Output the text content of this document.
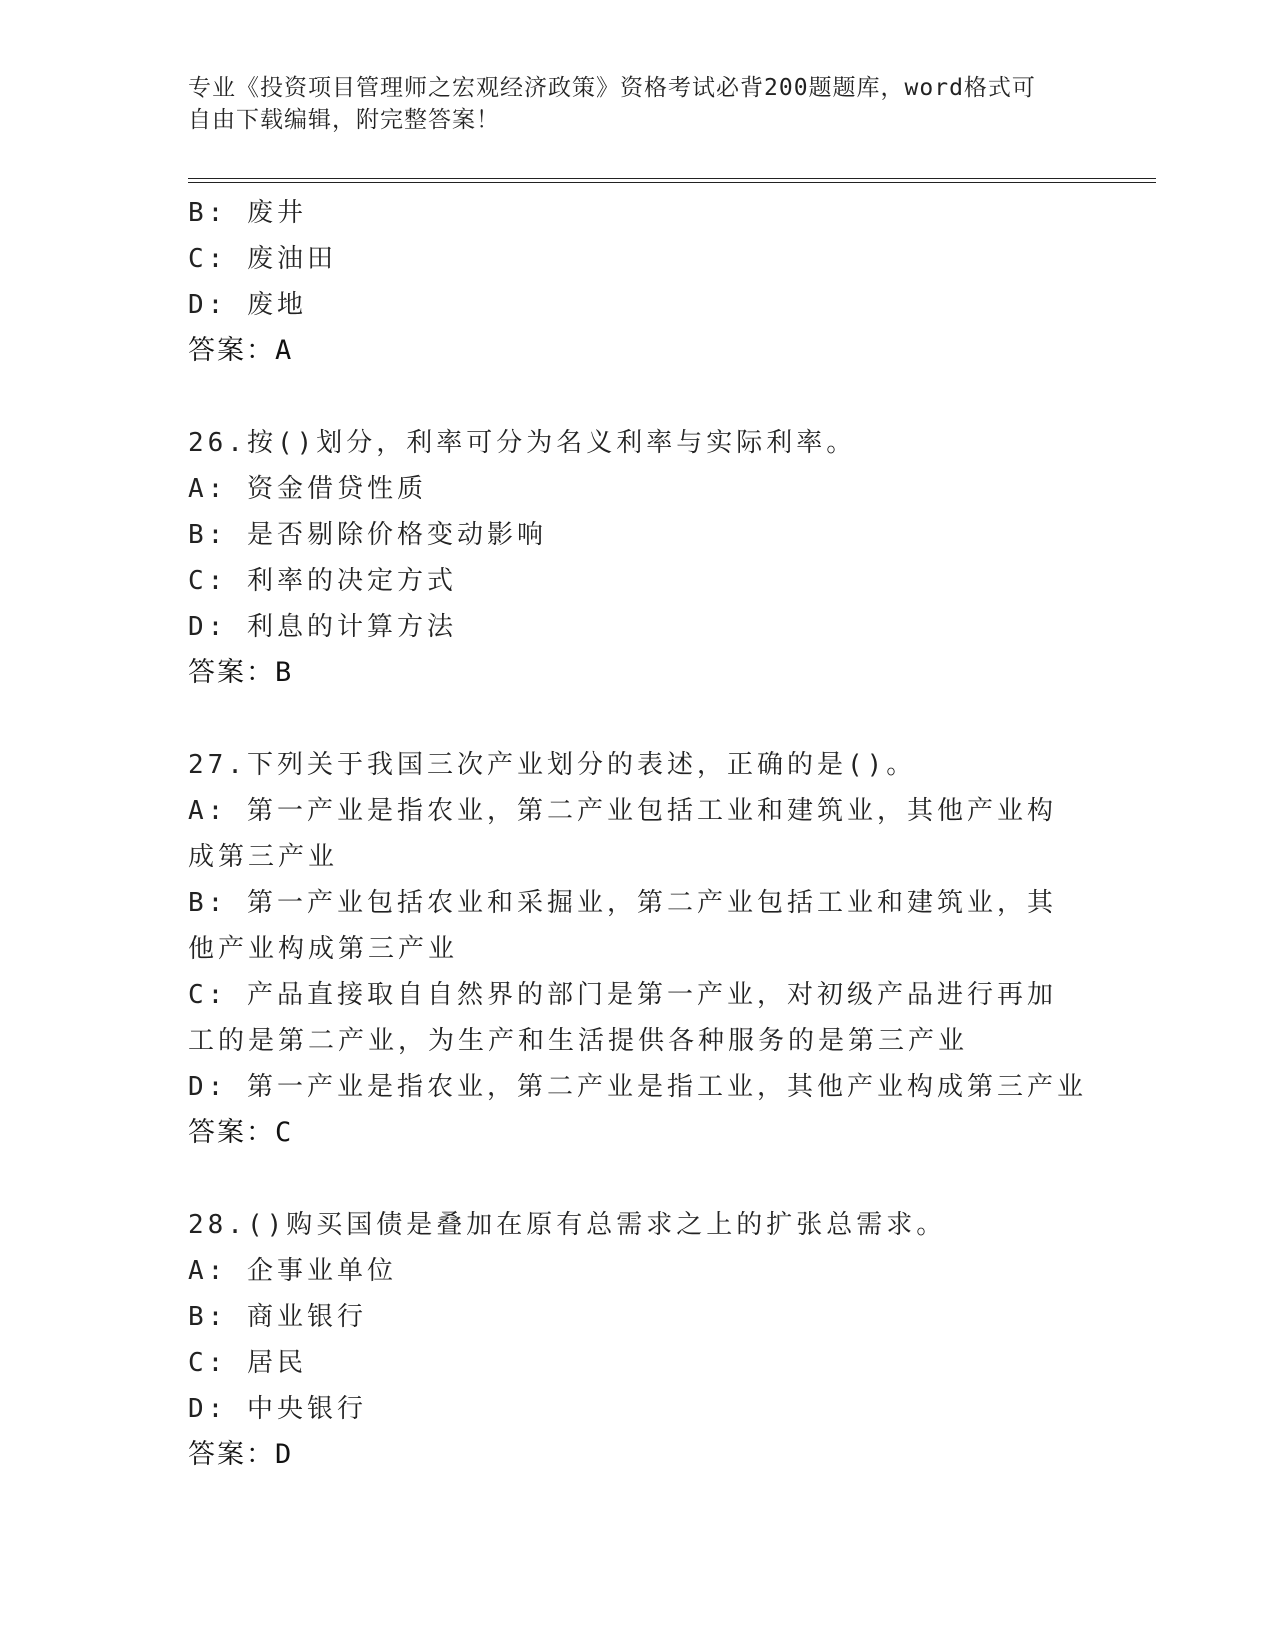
专业《投资项目管理师之宏观经济政策》资格考试必背200题题库，word格式可
自由下载编辑，附完整答案！
B: 废井
C: 废油田
D: 废地
答案：A
26.按()划分，利率可分为名义利率与实际利率。
A: 资金借贷性质
B: 是否剔除价格变动影响
C: 利率的决定方式
D: 利息的计算方法
答案：B
27.下列关于我国三次产业划分的表述，正确的是()。
A: 第一产业是指农业，第二产业包括工业和建筑业，其他产业构成第三产业
B: 第一产业包括农业和采掘业，第二产业包括工业和建筑业，其他产业构成第三产业
C: 产品直接取自自然界的部门是第一产业，对初级产品进行再加工的是第二产业，为生产和生活提供各种服务的是第三产业
D: 第一产业是指农业，第二产业是指工业，其他产业构成第三产业
答案：C
28.()购买国债是叠加在原有总需求之上的扩张总需求。
A: 企事业单位
B: 商业银行
C: 居民
D: 中央银行
答案：D
